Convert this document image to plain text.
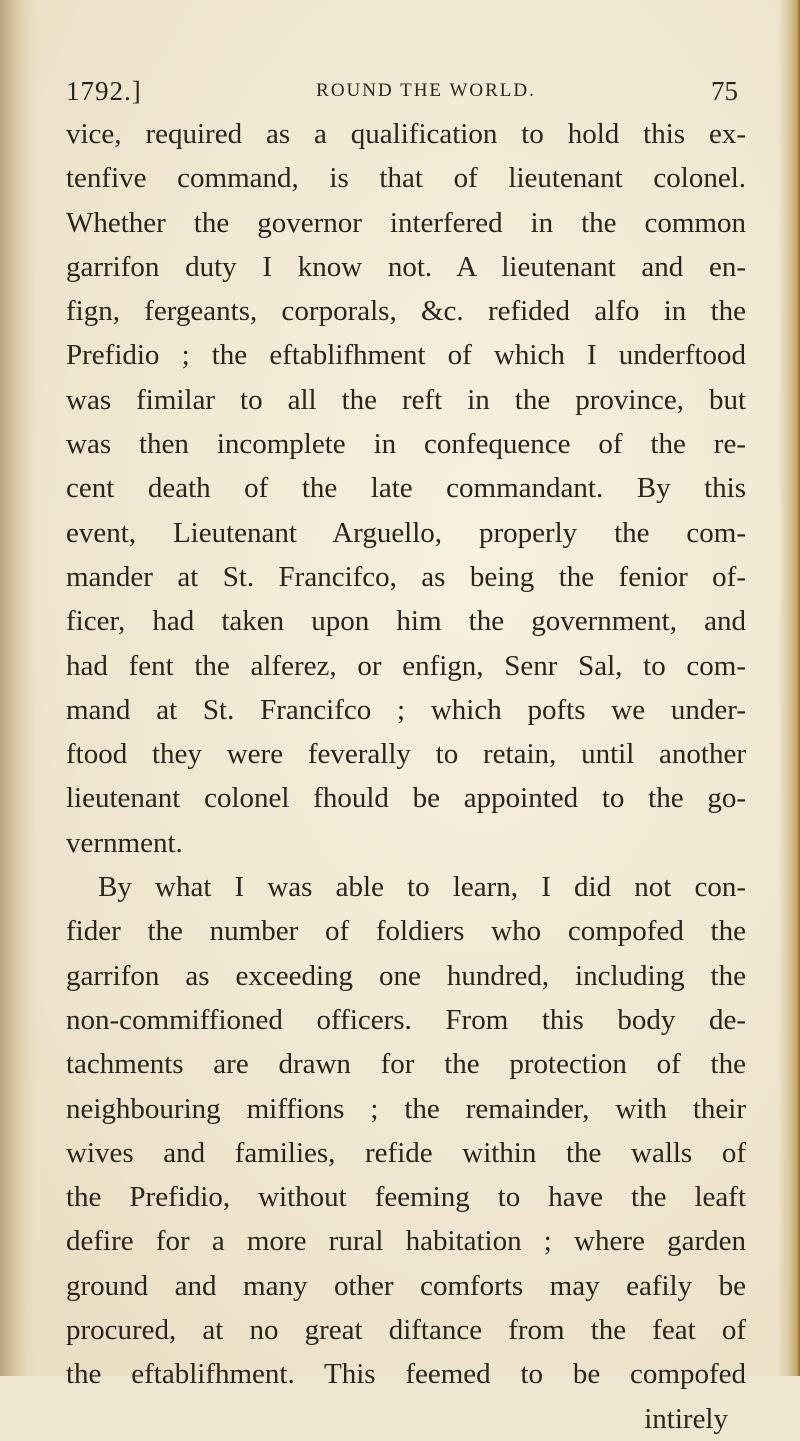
1792.]	ROUND THE WORLD.	75
vice, required as a qualification to hold this ex-
tenfive command, is that of lieutenant colonel.
Whether the governor interfered in the common
garrifon duty I know not. A lieutenant and en-
fign, fergeants, corporals, &c. refided alfo in the
Prefidio ; the eftablifhment of which I underftood
was fimilar to all the reft in the province, but
was then incomplete in confequence of the re-
cent death of the late commandant. By this
event, Lieutenant Arguello, properly the com-
mander at St. Francifco, as being the fenior of-
ficer, had taken upon him the government, and
had fent the alferez, or enfign, Senr Sal, to com-
mand at St. Francifco ; which pofts we under-
ftood they were feverally to retain, until another
lieutenant colonel fhould be appointed to the go-
vernment.
By what I was able to learn, I did not con-
fider the number of foldiers who compofed the
garrifon as exceeding one hundred, including the
non-commiffioned officers. From this body de-
tachments are drawn for the protection of the
neighbouring miffions ; the remainder, with their
wives and families, refide within the walls of
the Prefidio, without feeming to have the leaft
defire for a more rural habitation ; where garden
ground and many other comforts may eafily be
procured, at no great diftance from the feat of
the eftablifhment. This feemed to be compofed
intirely
